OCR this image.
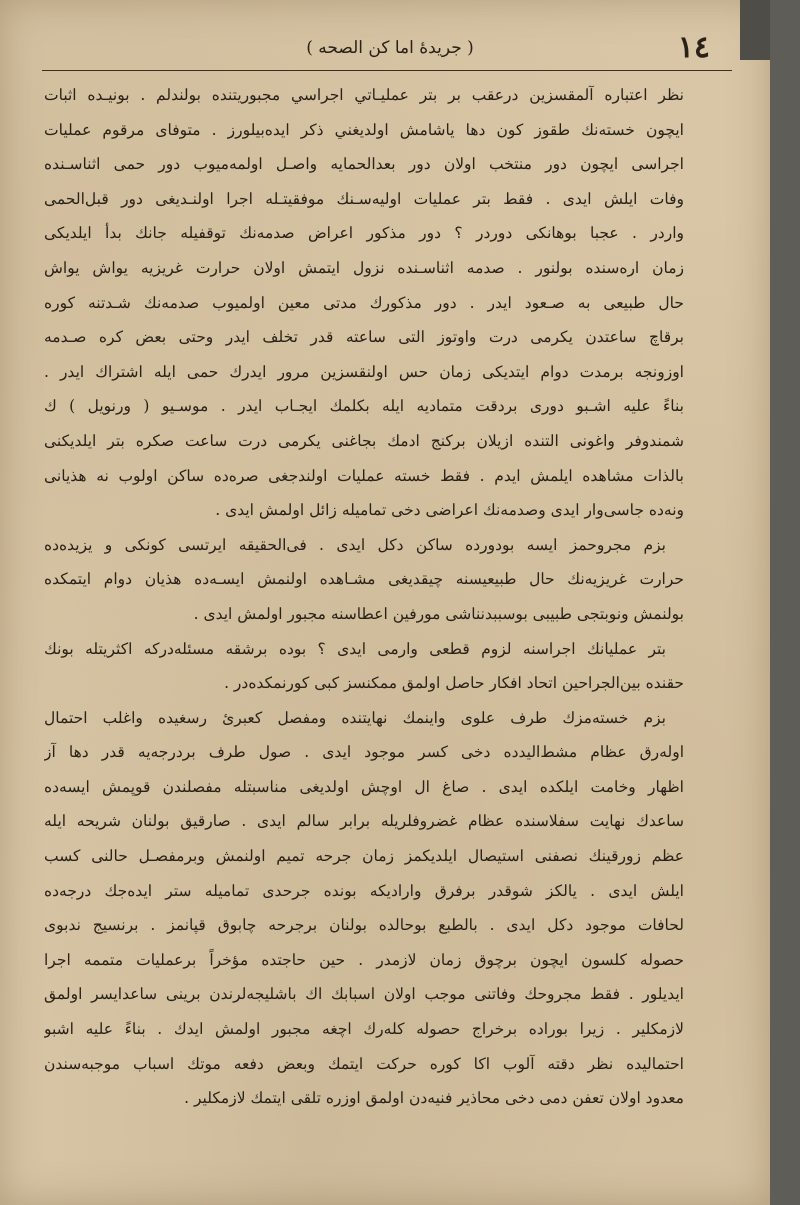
١٤
( جريدهٔ اما كن الصحه )
نظر اعتباره آلمقسزين درعقب بر بتر عمليـاتي اجراسي مجبوريتنده بولندلم . بونيـده اثبات
ايچون خسته‌نك طقوز كون دها ياشامش اولديغني ذكر ايده‌بيلورز . متوفاى مرقوم عمليات
اجراسى ايچون دور منتخب اولان دور بعدالحمايه واصـل اولمه‌ميوب دور حمى اثناسـنده
وفات ايلش ايدى . فقط بتر عمليات اوليه‌سـنك موفقيتـله اجرا اولنـديغى دور قبل‌الحمى
واردر . عجبا بوهانكى دوردر ؟ دور مذكور اعراض صدمه‌نك توقفيله جانك بدأ ايلديكى
زمان ارەسنده بولنور . صدمه اثناسـنده نزول ايتمش اولان حرارت غريزيه يواش يواش
حال طبيعى به صـعود ايدر . دور مذكورك مدتى معين اولميوب صدمه‌نك شـدتنه كوره
برقاچ ساعتدن يكرمى درت واوتوز التى ساعته قدر تخلف ايدر وحتى بعض كره صـدمه
اوزونجه برمدت دوام ايتديكى زمان حس اولنقسزين مرور ايدرك حمى ايله اشتراك ايدر .
بناءً عليه اشـبو دورى بردقت متماديه ايله بكلمك ايجـاب ايدر . موسـيو ( ورنويل ) ك
شمندوفر واغونى التنده ازيلان بركنج ادمك بجاغنى يكرمى درت ساعت صكره بتر ايلديكنى
بالذات مشاهده ايلمش ايدم . فقط خسته عمليات اولندجغى صره‌ده ساكن اولوب نه هذيانى
ونه‌ده جاسى‌وار ايدى وصدمه‌نك اعراضى دخى تماميله زائل اولمش ايدى .
بزم مجروحمز ايسه بودورده ساكن دكل ايدى . فى‌الحقيقه ايرتسى كونكى و يزيده‌ده
حرارت غريزيه‌نك حال طبيعيسنه چيقديغى مشـاهده اولنمش ايسـه‌ده هذيان دوام ايتمكده
بولنمش ونوبتجى طبيبى بوسببدنناشى مورفين اعطاسنه مجبور اولمش ايدى .
بتر عمليانك اجراسنه لزوم قطعى وارمى ايدى ؟ بوده برشقه مسئله‌دركه اكثريتله بونك
حقنده بين‌الجراحين اتحاد افكار حاصل اولمق ممكنسز كبى كورنمكده‌در .
بزم خسته‌مزك طرف علوى واينمك نهايتنده ومفصل كعبرئ رسغيده واغلب احتمال
اوله‌رق عظام مشط‌اليدده دخى كسر موجود ايدى . صول طرف بردرجه‌يه قدر دها آز
اظهار وخامت ايلكده ايدى . صاغ ال اوچش اولديغى مناسبتله مفصلندن قوپمش ايسه‌ده
ساعدك نهايت سفلاسنده عظام غضروفلريله برابر سالم ايدى . صارقيق بولنان شريحه ايله
عظم زورقينك نصفنى استيصال ايلديكمز زمان جرحه تميم اولنمش وبرمفصـل حالنى كسب
ايلش ايدى . يالكز شوقدر برفرق واراديكه بونده جرحدى تماميله ستر ايده‌جك درجه‌ده
لحافات موجود دكل ايدى . بالطبع بوحالده بولنان برجرحه چابوق قپانمز . برنسيج ندبوى
حصوله كلسون ايچون برچوق زمان لازمدر . حين حاجتده مؤخراً برعمليات متممه اجرا
ايديلور . فقط مجروحك وفاتنى موجب اولان اسبابك اك باشليجه‌لرندن برينى ساعدايسر اولمق
لازمكلير . زيرا بوراده برخراج حصوله كلەرك اچغه مجبور اولمش ايدك . بناءً عليه اشبو
احتماليده نظر دقته آلوب اكا كوره حركت ايتمك وبعض دفعه موتك اسباب موجبه‌سندن
معدود اولان تعفن دمى دخى محاذير فنيه‌دن اولمق اوزره تلقى ايتمك لازمكلير .
